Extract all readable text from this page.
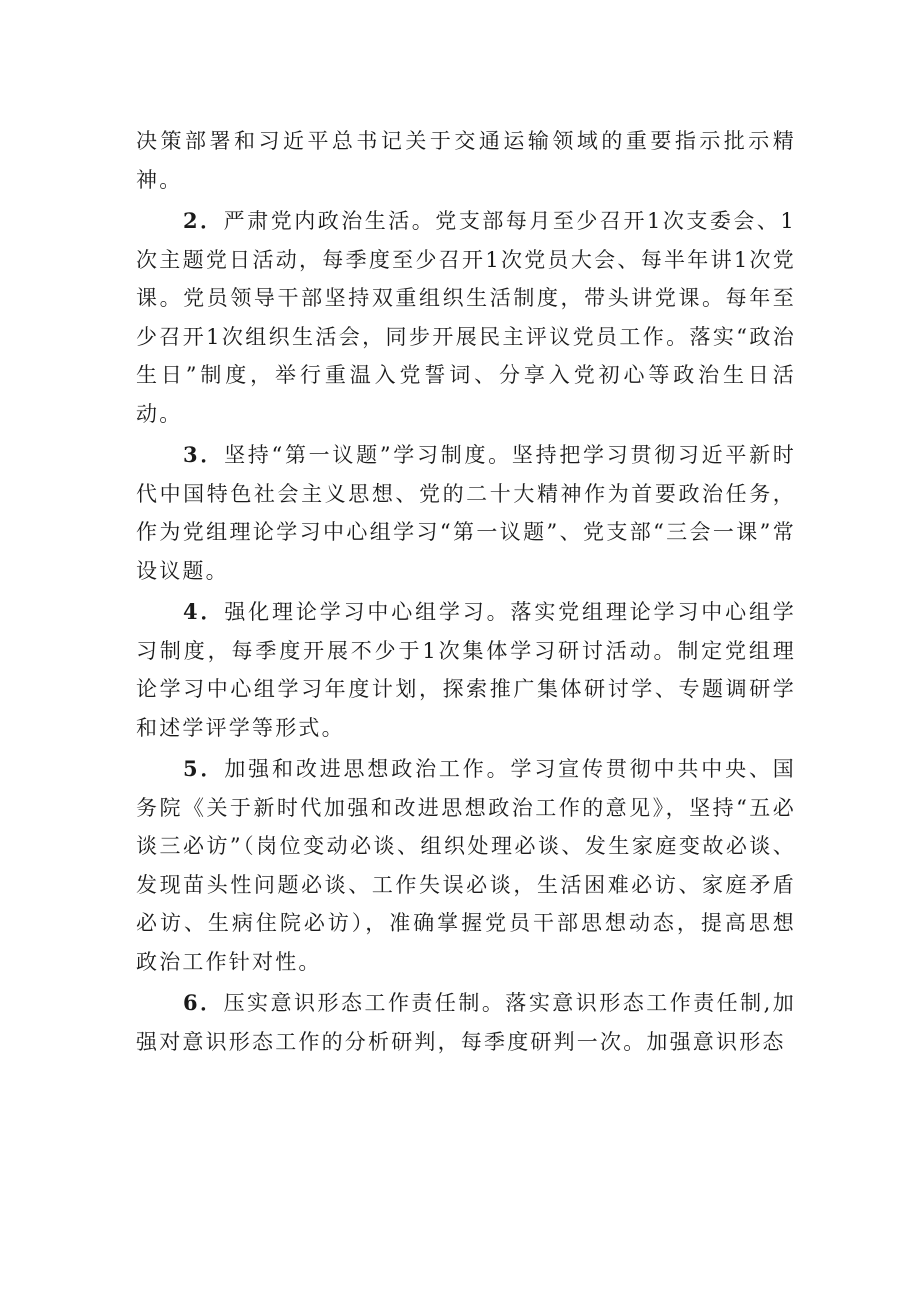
决策部署和习近平总书记关于交通运输领域的重要指示批示精神。

2．严肃党内政治生活。党支部每月至少召开1次支委会、1次主题党日活动，每季度至少召开1次党员大会、每半年讲1次党课。党员领导干部坚持双重组织生活制度，带头讲党课。每年至少召开1次组织生活会，同步开展民主评议党员工作。落实“政治生日”制度，举行重温入党誓词、分享入党初心等政治生日活动。

3．坚持“第一议题”学习制度。坚持把学习贯彻习近平新时代中国特色社会主义思想、党的二十大精神作为首要政治任务，作为党组理论学习中心组学习“第一议题”、党支部“三会一课”常设议题。

4．强化理论学习中心组学习。落实党组理论学习中心组学习制度，每季度开展不少于1次集体学习研讨活动。制定党组理论学习中心组学习年度计划，探索推广集体研讨学、专题调研学和述学评学等形式。

5．加强和改进思想政治工作。学习宣传贯彻中共中央、国务院《关于新时代加强和改进思想政治工作的意见》，坚持“五必谈三必访”（岗位变动必谈、组织处理必谈、发生家庭变故必谈、发现苗头性问题必谈、工作失误必谈，生活困难必访、家庭矛盾必访、生病住院必访），准确掌握党员干部思想动态，提高思想政治工作针对性。

6．压实意识形态工作责任制。落实意识形态工作责任制,加强对意识形态工作的分析研判，每季度研判一次。加强意识形态
